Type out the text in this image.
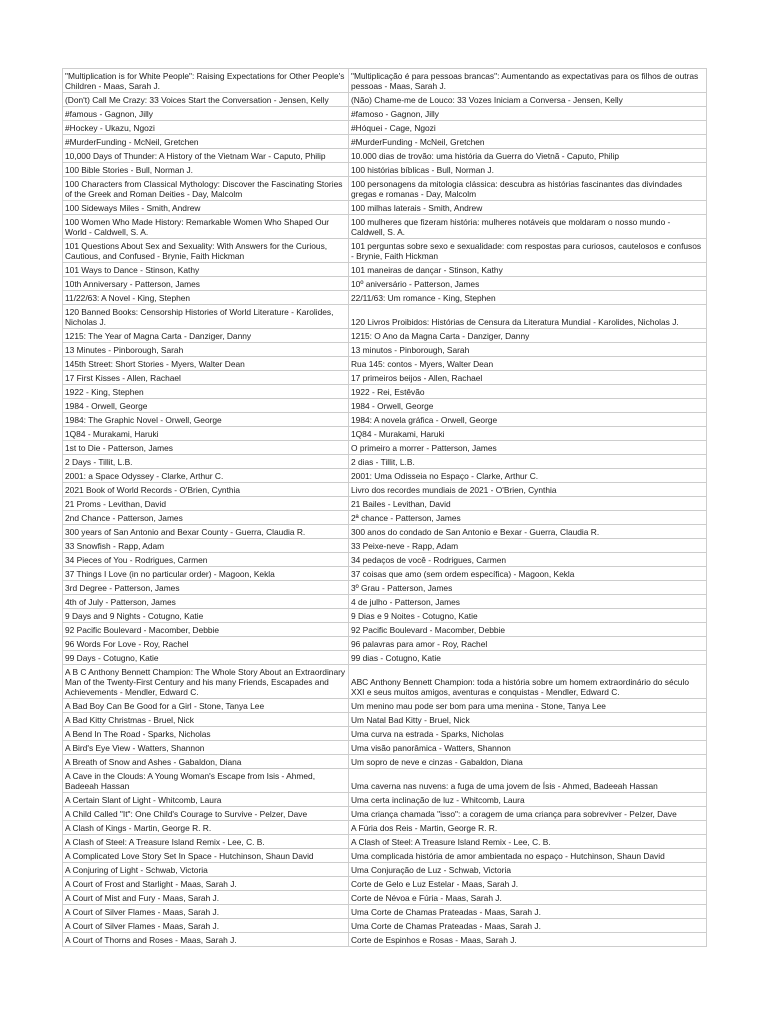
"Multiplication is for White People": Raising Expectations for Other People's Children - Maas, Sarah J.	"Multiplicação é para pessoas brancas": Aumentando as expectativas para os filhos de outras pessoas - Maas, Sarah J.
(Don't) Call Me Crazy: 33 Voices Start the Conversation - Jensen, Kelly	(Não) Chame-me de Louco: 33 Vozes Iniciam a Conversa - Jensen, Kelly
#famous - Gagnon, Jilly	#famoso - Gagnon, Jilly
#Hockey - Ukazu, Ngozi	#Hóquei - Cage, Ngozi
#MurderFunding - McNeil, Gretchen	#MurderFunding - McNeil, Gretchen
10,000 Days of Thunder: A History of the Vietnam War - Caputo, Philip	10.000 dias de trovão: uma história da Guerra do Vietnã - Caputo, Philip
100 Bible Stories - Bull, Norman J.	100 histórias bíblicas - Bull, Norman J.
100 Characters from Classical Mythology: Discover the Fascinating Stories of the Greek and Roman Deities - Day, Malcolm	100 personagens da mitologia clássica: descubra as histórias fascinantes das divindades gregas e romanas - Day, Malcolm
100 Sideways Miles - Smith, Andrew	100 milhas laterais - Smith, Andrew
100 Women Who Made History: Remarkable Women Who Shaped Our World - Caldwell, S. A.	100 mulheres que fizeram história: mulheres notáveis que moldaram o nosso mundo - Caldwell, S. A.
101 Questions About Sex and Sexuality: With Answers for the Curious, Cautious, and Confused - Brynie, Faith Hickman	101 perguntas sobre sexo e sexualidade: com respostas para curiosos, cautelosos e confusos - Brynie, Faith Hickman
101 Ways to Dance - Stinson, Kathy	101 maneiras de dançar - Stinson, Kathy
10th Anniversary - Patterson, James	10º aniversário - Patterson, James
11/22/63: A Novel - King, Stephen	22/11/63: Um romance - King, Stephen
120 Banned Books: Censorship Histories of World Literature - Karolides, Nicholas J.	120 Livros Proibidos: Histórias de Censura da Literatura Mundial - Karolides, Nicholas J.
1215: The Year of Magna Carta - Danziger, Danny	1215: O Ano da Magna Carta - Danziger, Danny
13 Minutes - Pinborough, Sarah	13 minutos - Pinborough, Sarah
145th Street: Short Stories - Myers, Walter Dean	Rua 145: contos - Myers, Walter Dean
17 First Kisses - Allen, Rachael	17 primeiros beijos - Allen, Rachael
1922 - King, Stephen	1922 - Rei, Estêvão
1984 - Orwell, George	1984 - Orwell, George
1984: The Graphic Novel - Orwell, George	1984: A novela gráfica - Orwell, George
1Q84 - Murakami, Haruki	1Q84 - Murakami, Haruki
1st to Die - Patterson, James	O primeiro a morrer - Patterson, James
2 Days - Tillit, L.B.	2 dias - Tillit, L.B.
2001: a Space Odyssey - Clarke, Arthur C.	2001: Uma Odisseia no Espaço - Clarke, Arthur C.
2021 Book of World Records - O'Brien, Cynthia	Livro dos recordes mundiais de 2021 - O'Brien, Cynthia
21 Proms - Levithan, David	21 Bailes - Levithan, David
2nd Chance - Patterson, James	2ª chance - Patterson, James
300 years of San Antonio and Bexar County - Guerra, Claudia R.	300 anos do condado de San Antonio e Bexar - Guerra, Claudia R.
33 Snowfish - Rapp, Adam	33 Peixe-neve - Rapp, Adam
34 Pieces of You - Rodrigues, Carmen	34 pedaços de você - Rodrigues, Carmen
37 Things I Love (in no particular order) - Magoon, Kekla	37 coisas que amo (sem ordem específica) - Magoon, Kekla
3rd Degree - Patterson, James	3º Grau - Patterson, James
4th of July - Patterson, James	4 de julho - Patterson, James
9 Days and 9 Nights - Cotugno, Katie	9 Dias e 9 Noites - Cotugno, Katie
92 Pacific Boulevard - Macomber, Debbie	92 Pacific Boulevard - Macomber, Debbie
96 Words For Love - Roy, Rachel	96 palavras para amor - Roy, Rachel
99 Days - Cotugno, Katie	99 dias - Cotugno, Katie
A B C Anthony Bennett Champion: The Whole Story About an Extraordinary Man of the Twenty-First Century and his many Friends, Escapades and Achievements - Mendler, Edward C.	ABC Anthony Bennett Champion: toda a história sobre um homem extraordinário do século XXI e seus muitos amigos, aventuras e conquistas - Mendler, Edward C.
A Bad Boy Can Be Good for a Girl - Stone, Tanya Lee	Um menino mau pode ser bom para uma menina - Stone, Tanya Lee
A Bad Kitty Christmas - Bruel, Nick	Um Natal Bad Kitty - Bruel, Nick
A Bend In The Road - Sparks, Nicholas	Uma curva na estrada - Sparks, Nicholas
A Bird's Eye View - Watters, Shannon	Uma visão panorâmica - Watters, Shannon
A Breath of Snow and Ashes - Gabaldon, Diana	Um sopro de neve e cinzas - Gabaldon, Diana
A Cave in the Clouds: A Young Woman's Escape from Isis - Ahmed, Badeeah Hassan	Uma caverna nas nuvens: a fuga de uma jovem de Ísis - Ahmed, Badeeah Hassan
A Certain Slant of Light - Whitcomb, Laura	Uma certa inclinação de luz - Whitcomb, Laura
A Child Called "It": One Child's Courage to Survive - Pelzer, Dave	Uma criança chamada "isso": a coragem de uma criança para sobreviver - Pelzer, Dave
A Clash of Kings - Martin, George R. R.	A Fúria dos Reis - Martin, George R. R.
A Clash of Steel: A Treasure Island Remix - Lee, C. B.	A Clash of Steel: A Treasure Island Remix - Lee, C. B.
A Complicated Love Story Set In Space - Hutchinson, Shaun David	Uma complicada história de amor ambientada no espaço - Hutchinson, Shaun David
A Conjuring of Light - Schwab, Victoria	Uma Conjuração de Luz - Schwab, Victoria
A Court of Frost and Starlight - Maas, Sarah J.	Corte de Gelo e Luz Estelar - Maas, Sarah J.
A Court of Mist and Fury - Maas, Sarah J.	Corte de Névoa e Fúria - Maas, Sarah J.
A Court of Silver Flames - Maas, Sarah J.	Uma Corte de Chamas Prateadas - Maas, Sarah J.
A Court of Silver Flames - Maas, Sarah J.	Uma Corte de Chamas Prateadas - Maas, Sarah J.
A Court of Thorns and Roses - Maas, Sarah J.	Corte de Espinhos e Rosas - Maas, Sarah J.
